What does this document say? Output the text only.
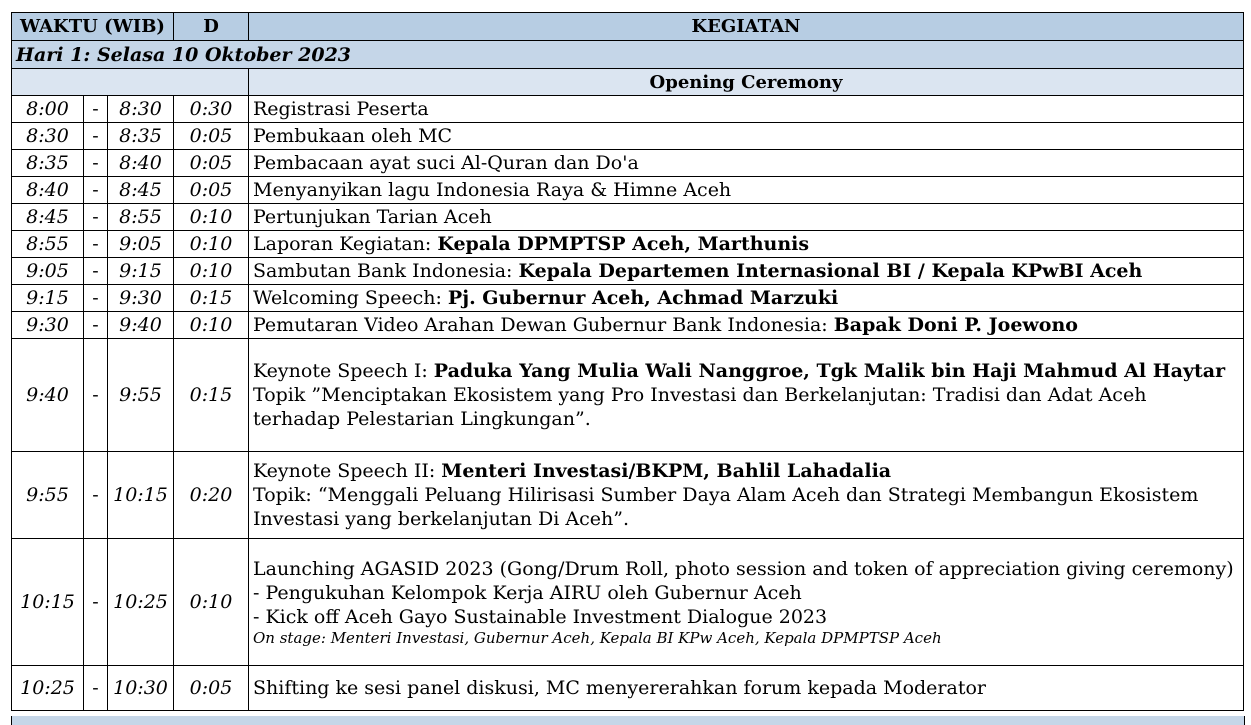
WAKTU (WIB)			D	KEGIATAN
Hari 1: Selasa 10 Oktober 2023				
				Opening Ceremony
8:00	-	8:30	0:30	Registrasi Peserta
8:30	-	8:35	0:05	Pembukaan oleh MC
8:35	-	8:40	0:05	Pembacaan ayat suci Al-Quran dan Do'a
8:40	-	8:45	0:05	Menyanyikan lagu Indonesia Raya & Himne Aceh
8:45	-	8:55	0:10	Pertunjukan Tarian Aceh
8:55	-	9:05	0:10	Laporan Kegiatan: Kepala DPMPTSP Aceh, Marthunis
9:05	-	9:15	0:10	Sambutan Bank Indonesia: Kepala Departemen Internasional BI / Kepala KPwBI Aceh
9:15	-	9:30	0:15	Welcoming Speech: Pj. Gubernur Aceh, Achmad Marzuki
9:30	-	9:40	0:10	Pemutaran Video Arahan Dewan Gubernur Bank Indonesia: Bapak Doni P. Joewono
9:40	-	9:55	0:15	Keynote Speech I: Paduka Yang Mulia Wali Nanggroe, Tgk Malik bin Haji Mahmud Al Haytar
Topik ”Menciptakan Ekosistem yang Pro Investasi dan Berkelanjutan: Tradisi dan Adat Aceh terhadap Pelestarian Lingkungan”.

9:55	-	10:15	0:20	Keynote Speech II: Menteri Investasi/BKPM, Bahlil Lahadalia
Topik: “Menggali Peluang Hilirisasi Sumber Daya Alam Aceh dan Strategi Membangun Ekosistem Investasi yang berkelanjutan Di Aceh”.

10:15	-	10:25	0:10	Launching AGASID 2023 (Gong/Drum Roll, photo session and token of appreciation giving ceremony)
- Pengukuhan Kelompok Kerja AIRU oleh Gubernur Aceh
- Kick off Aceh Gayo Sustainable Investment Dialogue 2023
On stage: Menteri Investasi, Gubernur Aceh, Kepala BI KPw Aceh, Kepala DPMPTSP Aceh

10:25	-	10:30	0:05	Shifting ke sesi panel diskusi, MC menyererahkan forum kepada Moderator
